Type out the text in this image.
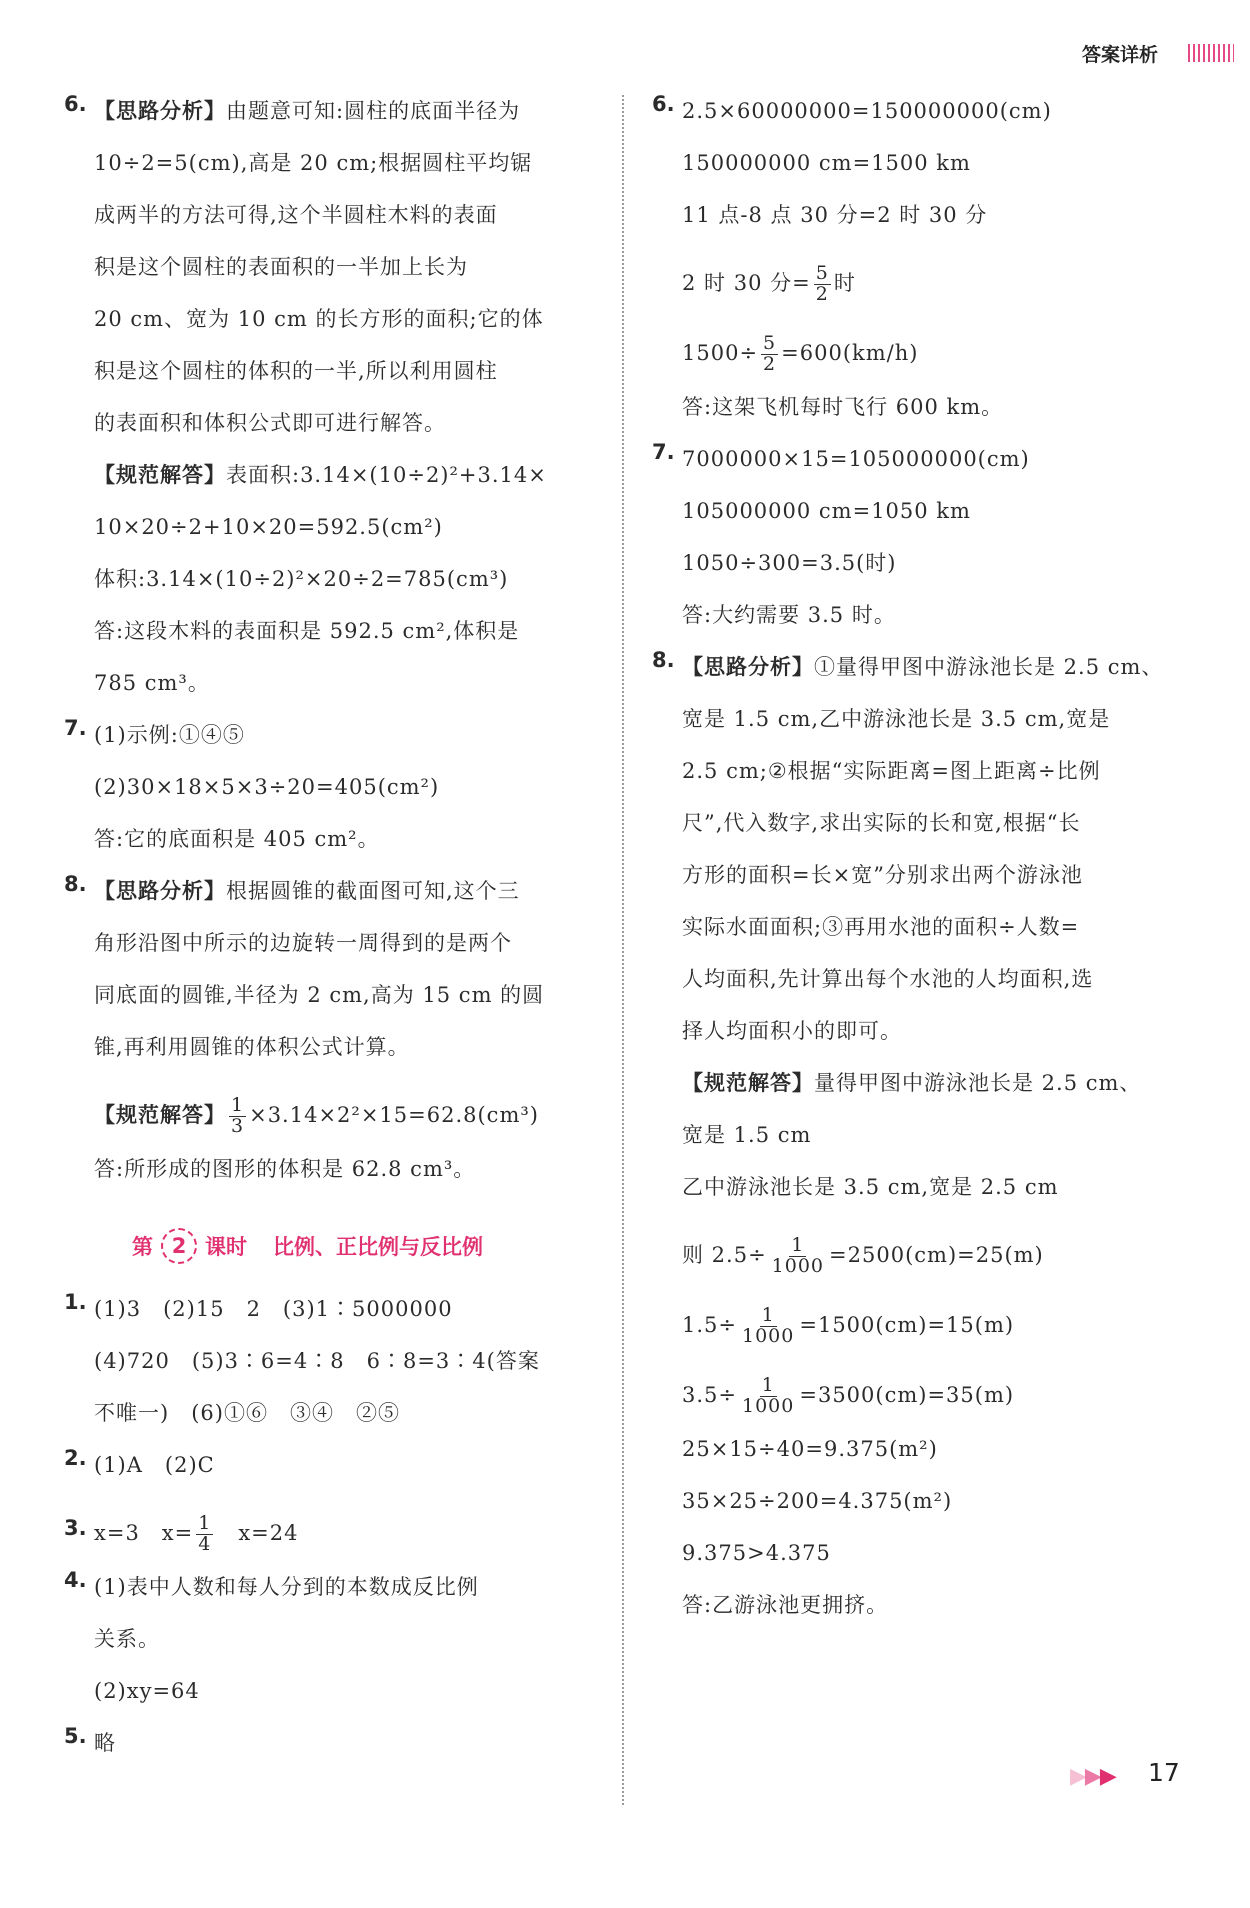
答案详析
6. 【思路分析】由题意可知:圆柱的底面半径为
10÷2=5(cm),高是 20 cm;根据圆柱平均锯
成两半的方法可得,这个半圆柱木料的表面
积是这个圆柱的表面积的一半加上长为
20 cm、宽为 10 cm 的长方形的面积;它的体
积是这个圆柱的体积的一半,所以利用圆柱
的表面积和体积公式即可进行解答。
【规范解答】表面积:3.14×(10÷2)²+3.14×
10×20÷2+10×20=592.5(cm²)
体积:3.14×(10÷2)²×20÷2=785(cm³)
答:这段木料的表面积是 592.5 cm²,体积是
785 cm³。
7. (1)示例:①④⑤
(2)30×18×5×3÷20=405(cm²)
答:它的底面积是 405 cm²。
8. 【思路分析】根据圆锥的截面图可知,这个三
角形沿图中所示的边旋转一周得到的是两个
同底面的圆锥,半径为 2 cm,高为 15 cm 的圆
锥,再利用圆锥的体积公式计算。
【规范解答】 $\frac{1}{3} \times 3.14\times 2^2\times 15=62.8(cm^3)$
答:所形成的图形的体积是 62.8 cm³。
第 2 课时 比例、正比例与反比例
1. (1)3　(2)15　2　(3)1∶5000000
(4)720　(5)3∶6=4∶8　6∶8=3∶4(答案
不唯一)　(6)①⑥　③④　②⑤
2. (1)A　(2)C
3. x=3　$x= \frac{1}{4}$ 　x=24
4. (1)表中人数和每人分到的本数成反比例
关系。
(2)xy=64
5. 略
6. 2.5×60000000=150000000(cm)
150000000 cm=1500 km
11 点-8 点 30 分=2 时 30 分
2 时 30 分= $\frac{5}{2}$ 时
$1500\div \frac{5}{2} =600(km/h)$
答:这架飞机每时飞行 600 km。
7. 7000000×15=105000000(cm)
105000000 cm=1050 km
1050÷300=3.5(时)
答:大约需要 3.5 时。
8. 【思路分析】①量得甲图中游泳池长是 2.5 cm、
宽是 1.5 cm,乙中游泳池长是 3.5 cm,宽是
2.5 cm;②根据“实际距离=图上距离÷比例
尺”,代入数字,求出实际的长和宽,根据“长
方形的面积=长×宽”分别求出两个游泳池
实际水面面积;③再用水池的面积÷人数=
人均面积,先计算出每个水池的人均面积,选
择人均面积小的即可。
【规范解答】量得甲图中游泳池长是 2.5 cm、
宽是 1.5 cm
乙中游泳池长是 3.5 cm,宽是 2.5 cm
则 $2.5\div \frac{1}{1000} =2500(cm)=25(m)$
$1.5\div \frac{1}{1000} =1500(cm)=15(m)$
$3.5\div \frac{1}{1000} =3500(cm)=35(m)$
25×15÷40=9.375(m²)
35×25÷200=4.375(m²)
9.375>4.375
答:乙游泳池更拥挤。
▶▶▶ 17
